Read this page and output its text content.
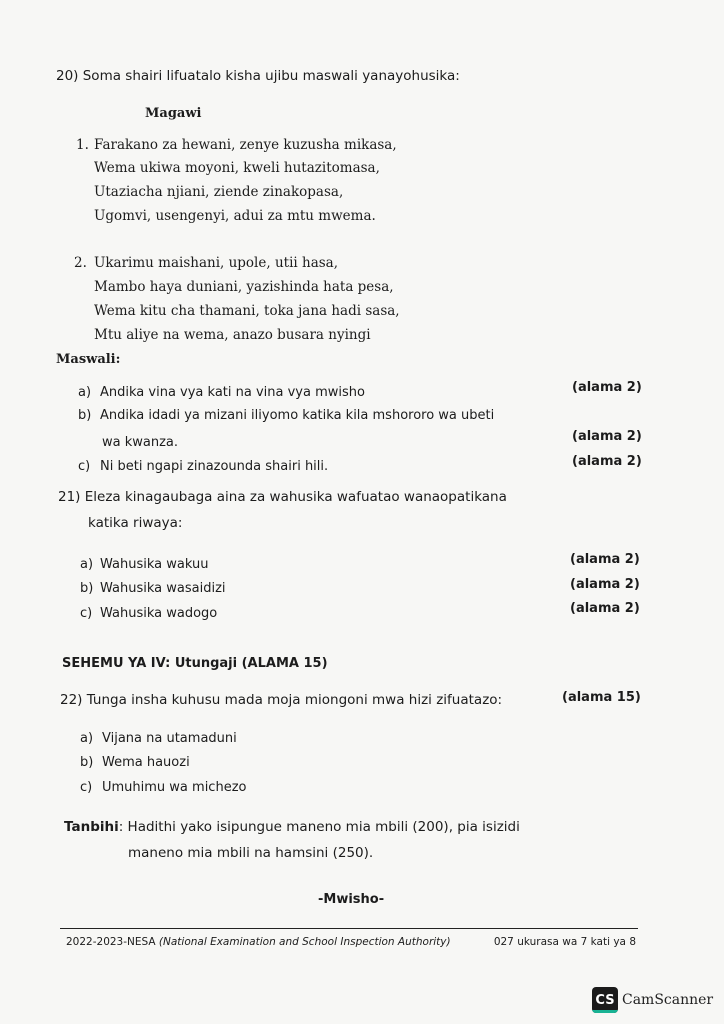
20) Soma shairi lifuatalo kisha ujibu maswali yanayohusika:
Magawi
1. Farakano za hewani, zenye kuzusha mikasa,
Wema ukiwa moyoni, kweli hutazitomasa,
Utaziacha njiani, ziende zinakopasa,
Ugomvi, usengenyi, adui za mtu mwema.
2. Ukarimu maishani, upole, utii hasa,
Mambo haya duniani, yazishinda hata pesa,
Wema kitu cha thamani, toka jana hadi sasa,
Mtu aliye na wema, anazo busara nyingi
Maswali:
a) Andika vina vya kati na vina vya mwisho	(alama 2)
b) Andika idadi ya mizani iliyomo katika kila mshororo wa ubeti
wa kwanza.	(alama 2)
c) Ni beti ngapi zinazounda shairi hili.	(alama 2)
21) Eleza kinagaubaga aina za wahusika wafuatao wanaopatikana
katika riwaya:
a) Wahusika wakuu	(alama 2)
b) Wahusika wasaidizi	(alama 2)
c) Wahusika wadogo	(alama 2)
SEHEMU YA IV: Utungaji (ALAMA 15)
22) Tunga insha kuhusu mada moja miongoni mwa hizi zifuatazo:	(alama 15)
a) Vijana na utamaduni
b) Wema hauozi
c) Umuhimu wa michezo
Tanbihi: Hadithi yako isipungue maneno mia mbili (200), pia isizidi
maneno mia mbili na hamsini (250).
-Mwisho-
2022-2023-NESA (National Examination and School Inspection Authority)	027 ukurasa wa 7 kati ya 8
CS CamScanner
